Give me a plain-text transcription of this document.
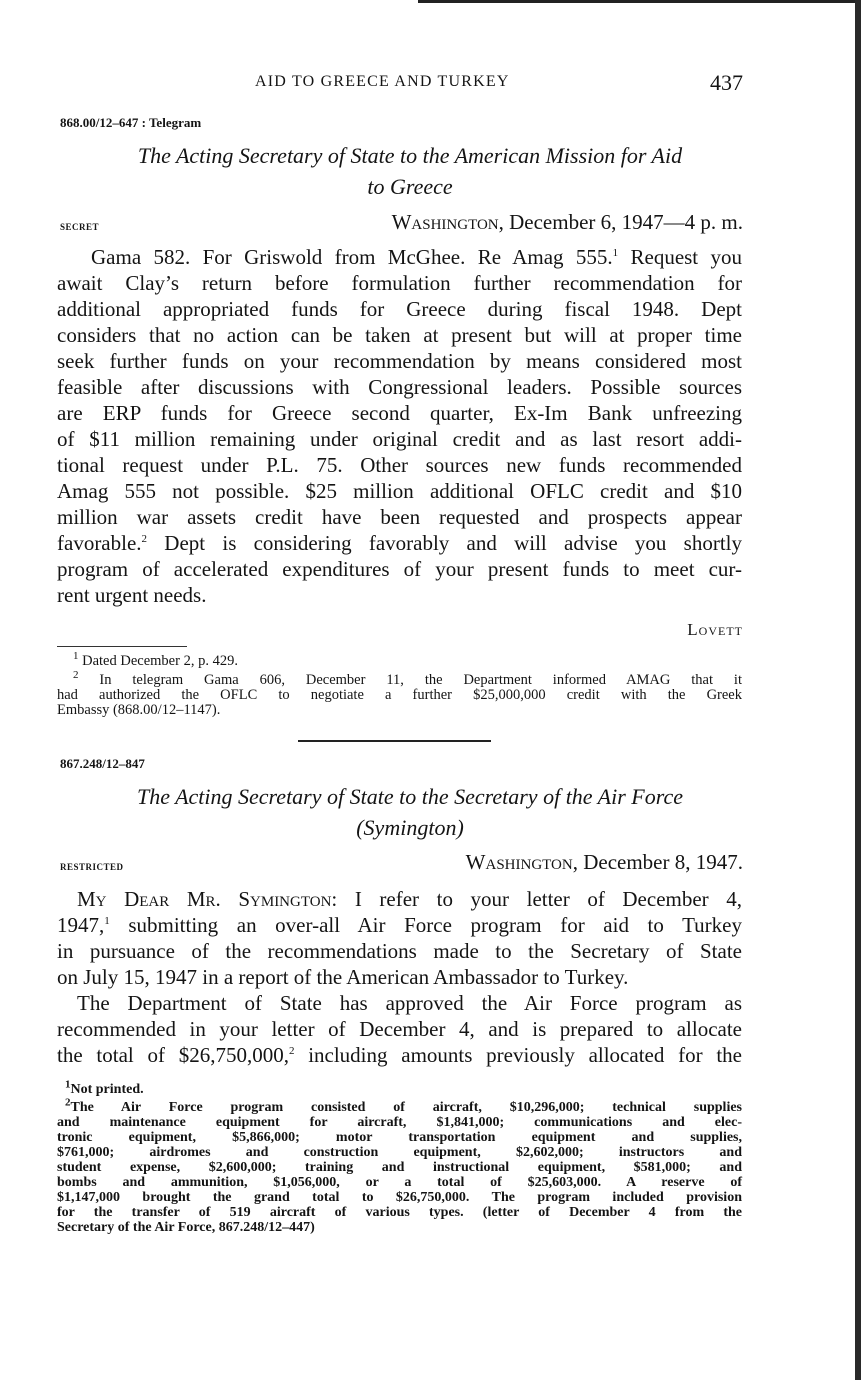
AID TO GREECE AND TURKEY	437
868.00/12–647 : Telegram
The Acting Secretary of State to the American Mission for Aid
to Greece
secret	Washington, December 6, 1947—4 p. m.
Gama 582. For Griswold from McGhee. Re Amag 555.$^1$ Request you
await Clay’s return before formulation further recommendation for
additional appropriated funds for Greece during fiscal 1948. Dept
considers that no action can be taken at present but will at proper time
seek further funds on your recommendation by means considered most
feasible after discussions with Congressional leaders. Possible sources
are ERP funds for Greece second quarter, Ex-Im Bank unfreezing
of $11 million remaining under original credit and as last resort addi-
tional request under P.L. 75. Other sources new funds recommended
Amag 555 not possible. $25 million additional OFLC credit and $10
million war assets credit have been requested and prospects appear
favorable.$^2$ Dept is considering favorably and will advise you shortly
program of accelerated expenditures of your present funds to meet cur-
rent urgent needs.
Lovett
$^1$ Dated December 2, p. 429.
$^2$ In telegram Gama 606, December 11, the Department informed AMAG that it
had authorized the OFLC to negotiate a further $25,000,000 credit with the Greek
Embassy (868.00/12–1147).
867.248/12–847
The Acting Secretary of State to the Secretary of the Air Force
(Symington)
restricted	Washington, December 8, 1947.
My Dear Mr. Symington: I refer to your letter of December 4,
1947,$^1$ submitting an over-all Air Force program for aid to Turkey
in pursuance of the recommendations made to the Secretary of State
on July 15, 1947 in a report of the American Ambassador to Turkey.
The Department of State has approved the Air Force program as
recommended in your letter of December 4, and is prepared to allocate
the total of $26,750,000,$^2$ including amounts previously allocated for the
$^1$Not printed.
$^2$The Air Force program consisted of aircraft, $10,296,000; technical supplies
and maintenance equipment for aircraft, $1,841,000; communications and elec-
tronic equipment, $5,866,000; motor transportation equipment and supplies,
$761,000; airdromes and construction equipment, $2,602,000; instructors and
student expense, $2,600,000; training and instructional equipment, $581,000; and
bombs and ammunition, $1,056,000, or a total of $25,603,000. A reserve of
$1,147,000 brought the grand total to $26,750,000. The program included provision
for the transfer of 519 aircraft of various types. (letter of December 4 from the
Secretary of the Air Force, 867.248/12–447)
